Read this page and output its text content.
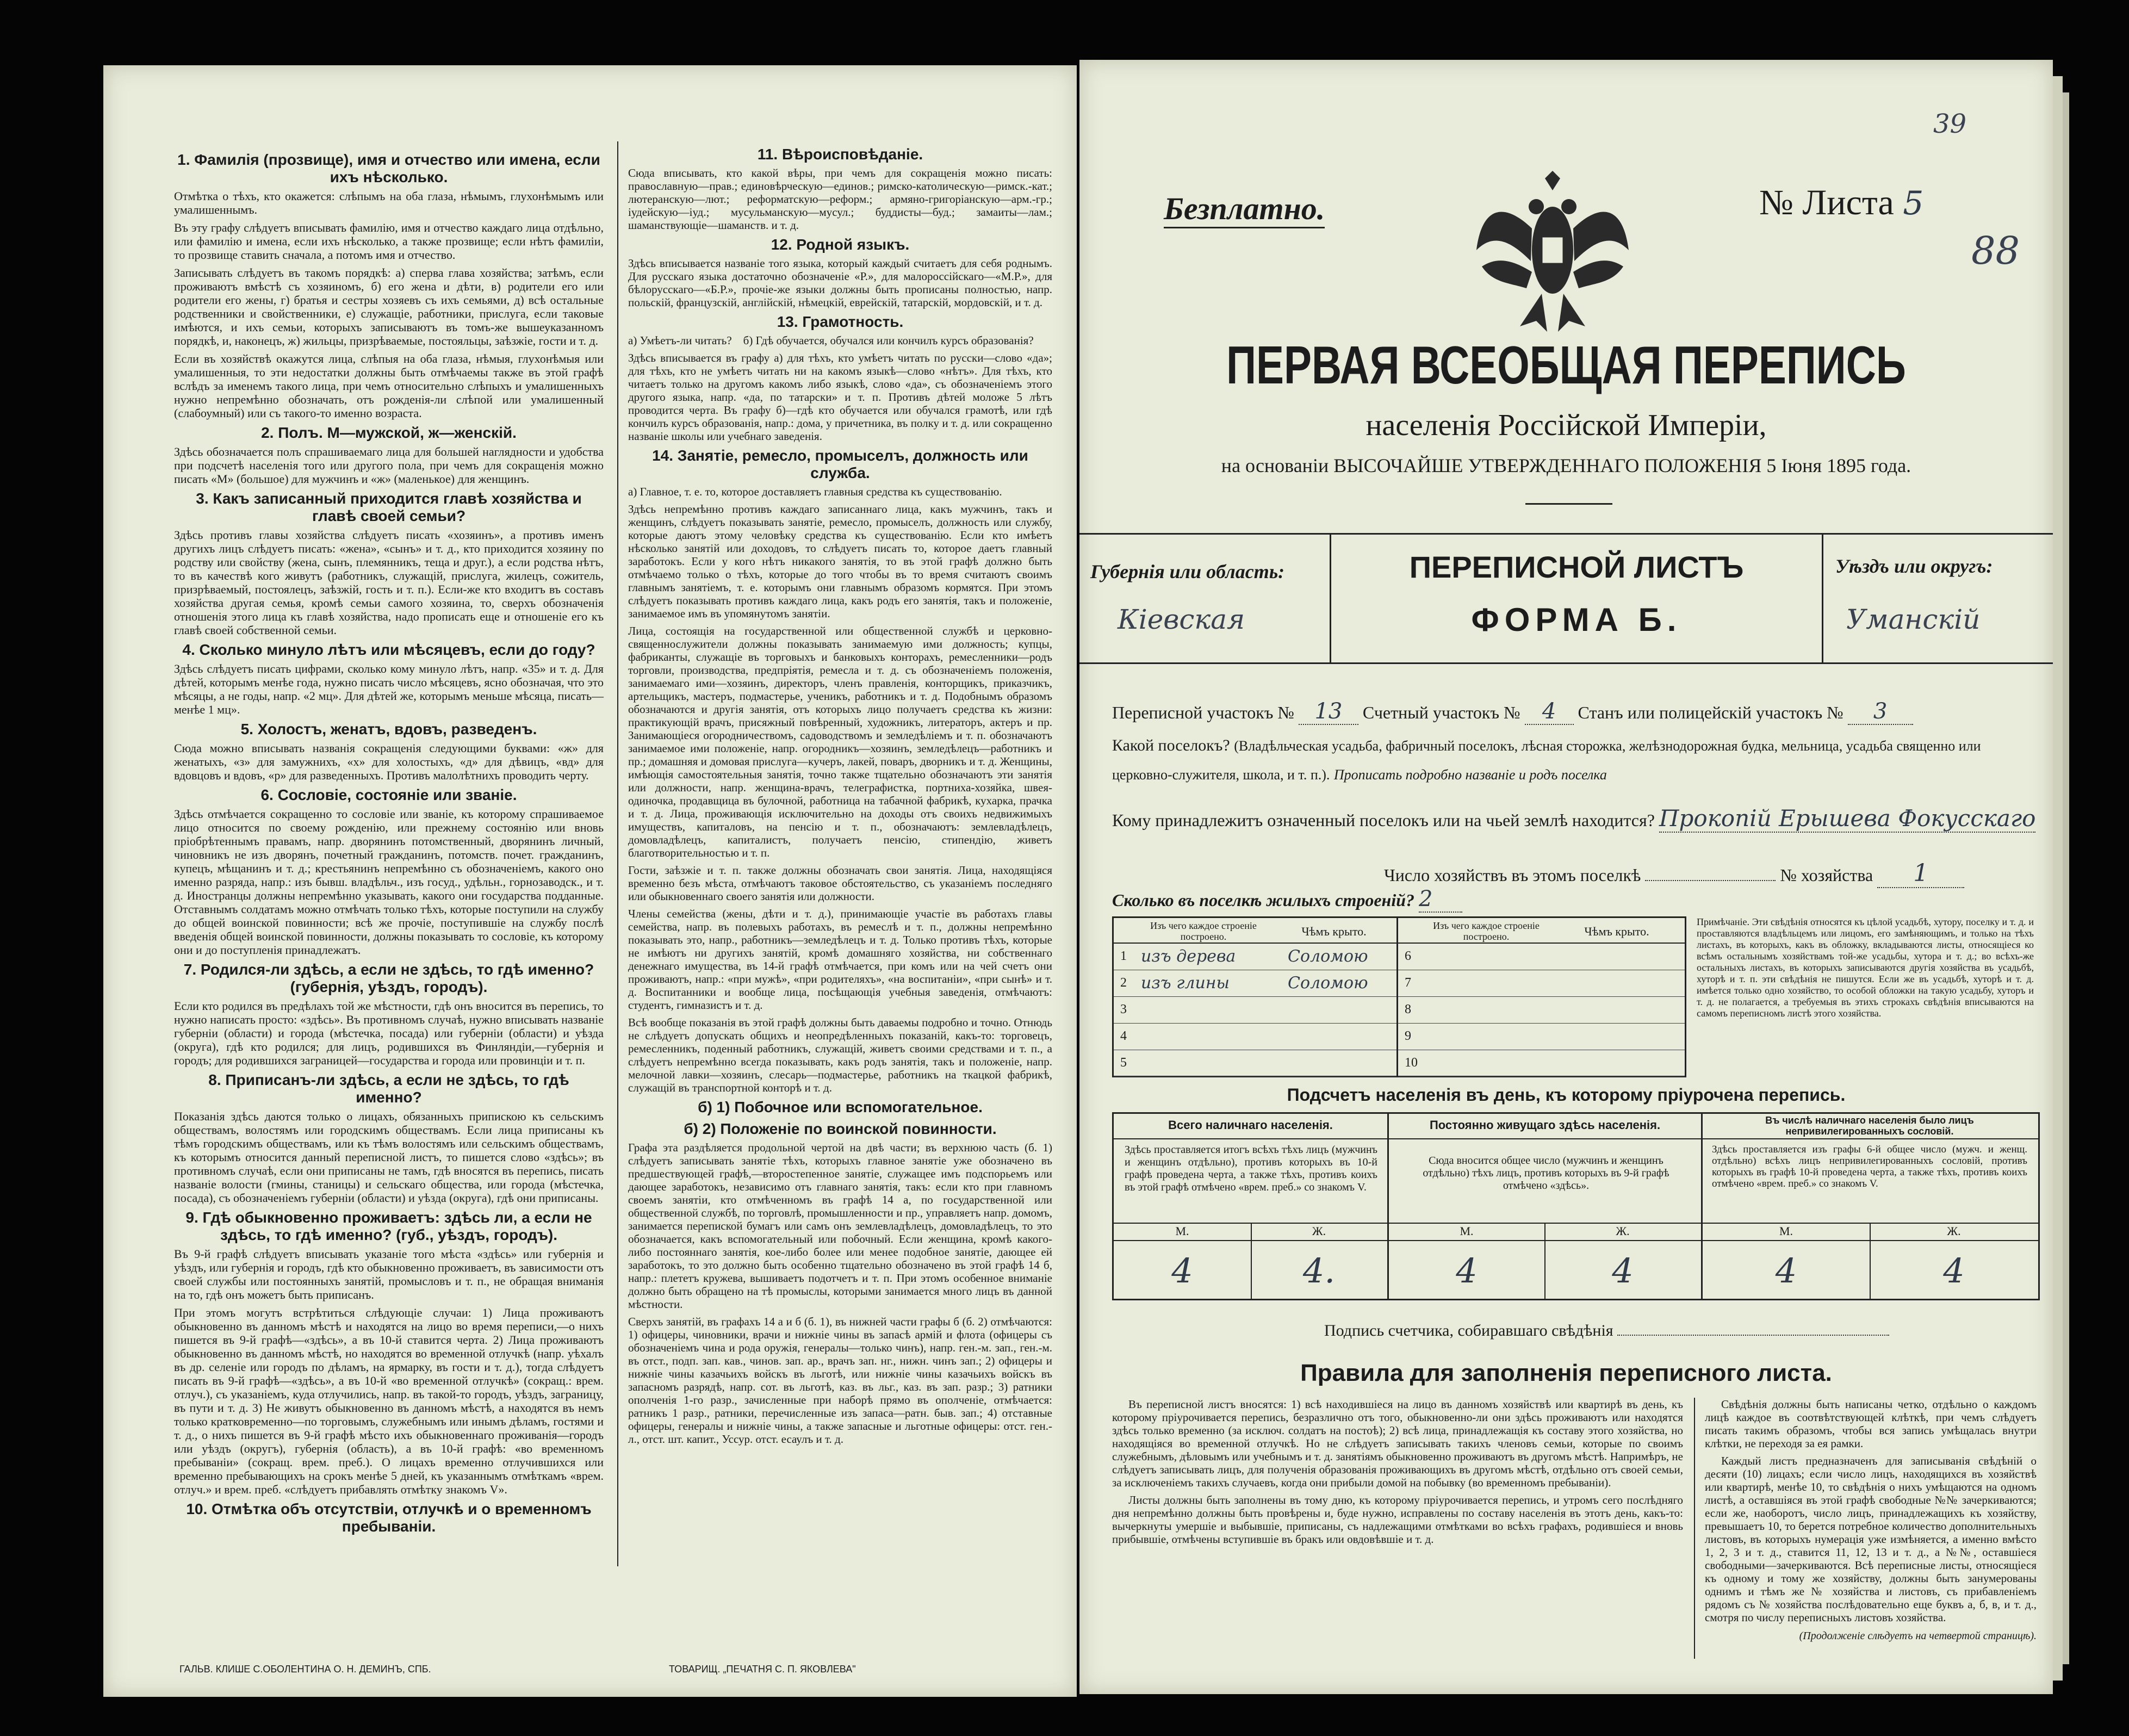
1. Фамилія (прозвище), имя и отчество или имена, если ихъ нѣсколько.
Отмѣтка о тѣхъ, кто окажется: слѣпымъ на оба глаза, нѣмымъ, глухонѣмымъ или умалишеннымъ.
Въ эту графу слѣдуетъ вписывать фамилію, имя и отчество каждаго лица отдѣльно, или фамилію и имена, если ихъ нѣсколько, а также прозвище; если нѣтъ фамиліи, то прозвище ставить сначала, а потомъ имя и отчество.
Записывать слѣдуетъ въ такомъ порядкѣ: а) сперва глава хозяйства; затѣмъ, если проживаютъ вмѣстѣ съ хозяиномъ, б) его жена и дѣти, в) родители его или родители его жены, г) братья и сестры хозяевъ съ ихъ семьями, д) всѣ остальные родственники и свойственники, е) служащіе, работники, прислуга, если таковые имѣются, и ихъ семьи, которыхъ записываютъ въ томъ-же вышеуказанномъ порядкѣ, и, наконецъ, ж) жильцы, призрѣваемые, постояльцы, заѣзжіе, гости и т. д.
Если въ хозяйствѣ окажутся лица, слѣпыя на оба глаза, нѣмыя, глухонѣмыя или умалишенныя, то эти недостатки должны быть отмѣчаемы также въ этой графѣ вслѣдъ за именемъ такого лица, при чемъ относительно слѣпыхъ и умалишенныхъ нужно непремѣнно обозначать, отъ рожденія-ли слѣпой или умалишенный (слабоумный) или съ такого-то именно возраста.
2. Полъ. М—мужской, ж—женскій.
Здѣсь обозначается полъ спрашиваемаго лица для большей наглядности и удобства при подсчетѣ населенія того или другого пола, при чемъ для сокращенія можно писать «М» (большое) для мужчинъ и «ж» (маленькое) для женщинъ.
3. Какъ записанный приходится главѣ хозяйства и главѣ своей семьи?
Здѣсь противъ главы хозяйства слѣдуетъ писать «хозяинъ», а противъ именъ другихъ лицъ слѣдуетъ писать: «жена», «сынъ» и т. д., кто приходится хозяину по родству или свойству (жена, сынъ, племянникъ, теща и друг.), а если родства нѣтъ, то въ качествѣ кого живутъ (работникъ, служащій, прислуга, жилецъ, сожитель, призрѣваемый, постоялецъ, заѣзжій, гость и т. п.). Если-же кто входитъ въ составъ хозяйства другая семья, кромѣ семьи самого хозяина, то, сверхъ обозначенія отношенія этого лица къ главѣ хозяйства, надо прописать еще и отношеніе его къ главѣ своей собственной семьи.
4. Сколько минуло лѣтъ или мѣсяцевъ, если до году?
Здѣсь слѣдуетъ писать цифрами, сколько кому минуло лѣтъ, напр. «35» и т. д. Для дѣтей, которымъ менѣе года, нужно писать число мѣсяцевъ, ясно обозначая, что это мѣсяцы, а не годы, напр. «2 мц». Для дѣтей же, которымъ меньше мѣсяца, писать—менѣе 1 мц».
5. Холостъ, женатъ, вдовъ, разведенъ.
Сюда можно вписывать названія сокращенія следующими буквами: «ж» для женатыхъ, «з» для замужнихъ, «х» для холостыхъ, «д» для дѣвицъ, «вд» для вдовцовъ и вдовъ, «р» для разведенныхъ. Противъ малолѣтнихъ проводить черту.
6. Сословіе, состояніе или званіе.
Здѣсь отмѣчается сокращенно то сословіе или званіе, къ которому спрашиваемое лицо относится по своему рожденію, или прежнему состоянію или вновь пріобрѣтеннымъ правамъ, напр. дворянинъ потомственный, дворянинъ личный, чиновникъ не изъ дворянъ, почетный гражданинъ, потомств. почет. гражданинъ, купецъ, мѣщанинъ и т. д.; крестьянинъ непремѣнно съ обозначеніемъ, какого оно именно разряда, напр.: изъ бывш. владѣльч., изъ госуд., удѣльн., горнозаводск., и т. д. Иностранцы должны непремѣнно указывать, какого они государства подданные. Отставнымъ солдатамъ можно отмѣчать только тѣхъ, которые поступили на службу до общей воинской повинности; всѣ же прочіе, поступившіе на службу послѣ введенія общей воинской повинности, должны показывать то сословіе, къ которому они и до поступленія принадлежатъ.
7. Родился-ли здѣсь, а если не здѣсь, то гдѣ именно? (губернія, уѣздъ, городъ).
Если кто родился въ предѣлахъ той же мѣстности, гдѣ онъ вносится въ перепись, то нужно написать просто: «здѣсь». Въ противномъ случаѣ, нужно вписывать названіе губерніи (области) и города (мѣстечка, посада) или губерніи (области) и уѣзда (округа), гдѣ кто родился; для лицъ, родившихся въ Финляндіи,—губернія и городъ; для родившихся заграницей—государства и города или провинціи и т. п.
8. Приписанъ-ли здѣсь, а если не здѣсь, то гдѣ именно?
Показанія здѣсь даются только о лицахъ, обязанныхъ припискою къ сельскимъ обществамъ, волостямъ или городскимъ обществамъ. Если лица приписаны къ тѣмъ городскимъ обществамъ, или къ тѣмъ волостямъ или сельскимъ обществамъ, къ которымъ относится данный переписной листъ, то пишется слово «здѣсь»; въ противномъ случаѣ, если они приписаны не тамъ, гдѣ вносятся въ перепись, писать названіе волости (гмины, станицы) и сельскаго общества, или города (мѣстечка, посада), съ обозначеніемъ губерніи (области) и уѣзда (округа), гдѣ они приписаны.
9. Гдѣ обыкновенно проживаетъ: здѣсь ли, а если не здѣсь, то гдѣ именно? (губ., уѣздъ, городъ).
Въ 9-й графѣ слѣдуетъ вписывать указаніе того мѣста «здѣсь» или губернія и уѣздъ, или губернія и городъ, гдѣ кто обыкновенно проживаетъ, въ зависимости отъ своей службы или постоянныхъ занятій, промысловъ и т. п., не обращая вниманія на то, гдѣ онъ можетъ быть приписанъ.
При этомъ могутъ встрѣтиться слѣдующіе случаи: 1) Лица проживаютъ обыкновенно въ данномъ мѣстѣ и находятся на лицо во время переписи,—о нихъ пишется въ 9-й графѣ—«здѣсь», а въ 10-й ставится черта. 2) Лица проживаютъ обыкновенно въ данномъ мѣстѣ, но находятся во временной отлучкѣ (напр. уѣхалъ въ др. селеніе или городъ по дѣламъ, на ярмарку, въ гости и т. д.), тогда слѣдуетъ писать въ 9-й графѣ—«здѣсь», а въ 10-й «во временной отлучкѣ» (сокращ.: врем. отлуч.), съ указаніемъ, куда отлучились, напр. въ такой-то городъ, уѣздъ, заграницу, въ пути и т. д. 3) Не живутъ обыкновенно въ данномъ мѣстѣ, а находятся въ немъ только кратковременно—по торговымъ, служебнымъ или инымъ дѣламъ, гостями и т. д., о нихъ пишется въ 9-й графѣ мѣсто ихъ обыкновеннаго проживанія—городъ или уѣздъ (округъ), губернія (область), а въ 10-й графѣ: «во временномъ пребываніи» (сокращ. врем. преб.). О лицахъ временно отлучившихся или временно пребывающихъ на срокъ менѣе 5 дней, къ указаннымъ отмѣткамъ «врем. отлуч.» и врем. преб. «слѣдуетъ прибавлять отмѣтку знакомъ V».
10. Отмѣтка объ отсутствіи, отлучкѣ и о временномъ пребываніи.
11. Вѣроисповѣданіе.
Сюда вписывать, кто какой вѣры, при чемъ для сокращенія можно писать: православную—прав.; единовѣрческую—единов.; римско-католическую—римск.-кат.; лютеранскую—лют.; реформатскую—реформ.; армяно-григоріанскую—арм.-гр.; іудейскую—іуд.; мусульманскую—мусул.; буддисты—буд.; замаиты—лам.; шаманствующіе—шаманств. и т. д.
12. Родной языкъ.
Здѣсь вписывается названіе того языка, который каждый считаетъ для себя роднымъ. Для русскаго языка достаточно обозначеніе «Р.», для малороссійскаго—«М.Р.», для бѣлорусскаго—«Б.Р.», прочіе-же языки должны быть прописаны полностью, напр. польскій, французскій, англійскій, нѣмецкій, еврейскій, татарскій, мордовскій, и т. д.
13. Грамотность.
а) Умѣетъ-ли читать?    б) Гдѣ обучается, обучался или кончилъ курсъ образованія?
Здѣсь вписывается въ графу а) для тѣхъ, кто умѣетъ читать по русски—слово «да»; для тѣхъ, кто не умѣетъ читать ни на какомъ языкѣ—слово «нѣтъ». Для тѣхъ, кто читаетъ только на другомъ какомъ либо языкѣ, слово «да», съ обозначеніемъ этого другого языка, напр. «да, по татарски» и т. п. Противъ дѣтей моложе 5 лѣтъ проводится черта. Въ графу б)—гдѣ кто обучается или обучался грамотѣ, или гдѣ кончилъ курсъ образованія, напр.: дома, у причетника, въ полку и т. д. или сокращенно названіе школы или учебнаго заведенія.
14. Занятіе, ремесло, промыселъ, должность или служба.
а) Главное, т. е. то, которое доставляетъ главныя средства къ существованію.
Здѣсь непремѣнно противъ каждаго записаннаго лица, какъ мужчинъ, такъ и женщинъ, слѣдуетъ показывать занятіе, ремесло, промыселъ, должность или службу, которые даютъ этому человѣку средства къ существованію. Если кто имѣетъ нѣсколько занятій или доходовъ, то слѣдуетъ писать то, которое даетъ главный заработокъ. Если у кого нѣтъ никакого занятія, то въ этой графѣ должно быть отмѣчаемо только о тѣхъ, которые до того чтобы въ то время считаютъ своимъ главнымъ занятіемъ, т. е. которымъ они главнымъ образомъ кормятся. При этомъ слѣдуетъ показывать противъ каждаго лица, какъ родъ его занятія, такъ и положеніе, занимаемое имъ въ упомянутомъ занятіи.
Лица, состоящія на государственной или общественной службѣ и церковно-священнослужители должны показывать занимаемую ими должность; купцы, фабриканты, служащіе въ торговыхъ и банковыхъ конторахъ, ремесленники—родъ торговли, производства, предпріятія, ремесла и т. д. съ обозначеніемъ положенія, занимаемаго ими—хозяинъ, директоръ, членъ правленія, конторщикъ, приказчикъ, артельщикъ, мастеръ, подмастерье, ученикъ, работникъ и т. д. Подобнымъ образомъ обозначаются и другія занятія, отъ которыхъ лицо получаетъ средства къ жизни: практикующій врачъ, присяжный повѣренный, художникъ, литераторъ, актеръ и пр. Занимающіеся огородничествомъ, садоводствомъ и земледѣліемъ и т. п. обозначаютъ занимаемое ими положеніе, напр. огородникъ—хозяинъ, земледѣлецъ—работникъ и пр.; домашняя и домовая прислуга—кучеръ, лакей, поваръ, дворникъ и т. д. Женщины, имѣющія самостоятельныя занятія, точно также тщательно обозначаютъ эти занятія или должности, напр. женщина-врачъ, телеграфистка, портниха-хозяйка, швея-одиночка, продавщица въ булочной, работница на табачной фабрикѣ, кухарка, прачка и т. д. Лица, проживающія исключительно на доходы отъ своихъ недвижимыхъ имуществъ, капиталовъ, на пенсію и т. п., обозначаютъ: землевладѣлецъ, домовладѣлецъ, капиталистъ, получаетъ пенсію, стипендію, живетъ благотворительностью и т. п.
Гости, заѣзжіе и т. п. также должны обозначать свои занятія. Лица, находящіяся временно безъ мѣста, отмѣчаютъ таковое обстоятельство, съ указаніемъ последняго или обыкновеннаго своего занятія или должности.
Члены семейства (жены, дѣти и т. д.), принимающіе участіе въ работахъ главы семейства, напр. въ полевыхъ работахъ, въ ремеслѣ и т. п., должны непремѣнно показывать это, напр., работникъ—земледѣлецъ и т. д. Только противъ тѣхъ, которые не имѣютъ ни другихъ занятій, кромѣ домашняго хозяйства, ни собственнаго денежнаго имущества, въ 14-й графѣ отмѣчается, при комъ или на чей счетъ они проживаютъ, напр.: «при мужѣ», «при родителяхъ», «на воспитаніи», «при сынѣ» и т. д. Воспитанники и вообще лица, посѣщающія учебныя заведенія, отмѣчаютъ: студентъ, гимназистъ и т. д.
Всѣ вообще показанія въ этой графѣ должны быть даваемы подробно и точно. Отнюдь не слѣдуетъ допускать общихъ и неопредѣленныхъ показаній, какъ-то: торговецъ, ремесленникъ, поденный работникъ, служащій, живетъ своими средствами и т. п., а слѣдуетъ непремѣнно всегда показывать, какъ родъ занятія, такъ и положеніе, напр. мелочной лавки—хозяинъ, слесарь—подмастерье, работникъ на ткацкой фабрикѣ, служащій въ транспортной конторѣ и т. д.
б) 1) Побочное или вспомогательное.
б) 2) Положеніе по воинской повинности.
Графа эта раздѣляется продольной чертой на двѣ части; въ верхнюю часть (б. 1) слѣдуетъ записывать занятіе тѣхъ, которыхъ главное занятіе уже обозначено въ предшествующей графѣ,—второстепенное занятіе, служащее имъ подспорьемъ или дающее заработокъ, независимо отъ главнаго занятія, такъ: если кто при главномъ своемъ занятіи, кто отмѣченномъ въ графѣ 14 а, по государственной или общественной службѣ, по торговлѣ, промышленности и пр., управляетъ напр. домомъ, занимается перепиской бумагъ или самъ онъ землевладѣлецъ, домовладѣлецъ, то это обозначается, какъ вспомогательный или побочный. Если женщина, кромѣ какого-либо постояннаго занятія, кое-либо более или менее подобное занятіе, дающее ей заработокъ, то это должно быть особенно тщательно обозначено въ этой графѣ 14 б, напр.: плететъ кружева, вышиваетъ подотчетъ и т. п. При этомъ особенное вниманіе должно быть обращено на тѣ промыслы, которыми занимается много лицъ въ данной мѣстности.
Сверхъ занятій, въ графахъ 14 а и б (б. 1), въ нижней части графы б (б. 2) отмѣчаются: 1) офицеры, чиновники, врачи и нижніе чины въ запасѣ армій и флота (офицеры съ обозначеніемъ чина и рода оружія, генералы—только чинъ), напр. ген.-м. зап., ген.-м. въ отст., подп. зап. кав., чинов. зап. ар., врачъ зап. нг., нижн. чинъ зап.; 2) офицеры и нижніе чины казачьихъ войскъ въ льготѣ, или нижніе чины казачьихъ войскъ въ запасномъ разрядѣ, напр. сот. въ льготѣ, каз. въ льг., каз. въ зап. разр.; 3) ратники ополченія 1-го разр., зачисленные при наборѣ прямо въ ополченіе, отмѣчается: ратникъ 1 разр., ратники, перечисленные изъ запаса—ратн. быв. зап.; 4) отставные офицеры, генералы и нижніе чины, а также запасные и льготные офицеры: отст. ген.-л., отст. шт. капит., Уссур. отст. есаулъ и т. д.
ГАЛЬВ. КЛИШЕ С.ОБОЛЕНТИНА О. Н. ДЕМИНЪ, СПБ.	ТОВАРИЩ. „ПЕЧАТНЯ С. П. ЯКОВЛЕВА"
39
Безплатно.	№ Листа 5
88
ПЕРВАЯ ВСЕОБЩАЯ ПЕРЕПИСЬ
населенія Россійской Имперіи,
на основаніи ВЫСОЧАЙШЕ УТВЕРЖДЕННАГО ПОЛОЖЕНІЯ 5 Іюня 1895 года.
Губернія или область:
Кіевская
ПЕРЕПИСНОЙ ЛИСТЪ
ФОРМА Б.
Уѣздъ или округъ:
Уманскій
Переписной участокъ № 13 Счетный участокъ № 4 Станъ или полицейскій участокъ № 3
Какой поселокъ? (Владѣльческая усадьба, фабричный поселокъ, лѣсная сторожка, желѣзнодорожная будка, мельница, усадьба священно или церковно-служителя, школа, и т. п.). Прописать подробно названіе и родъ поселка
Кому принадлежитъ означенный поселокъ или на чьей землѣ находится? Прокопій Ерышева Фокусскаго
Число хозяйствъ въ этомъ поселкѣ	№ хозяйства 1
Сколько въ поселкѣ жилыхъ строеній? 2
Изъ чего каждое строеніе построено.	Чѣмъ крыто.	Изъ чего каждое строеніе построено.	Чѣмъ крыто.
1 изъ дерева	Соломою
2 изъ глины	Соломою
3
4
5
6
7
8
9
10
Примѣчаніе. Эти свѣдѣнія относятся къ цѣлой усадьбѣ, хутору, поселку и т. д. и проставляются владѣльцемъ или лицомъ, его замѣняющимъ, и только на тѣхъ листахъ, въ которыхъ, какъ въ обложку, вкладываются листы, относящіеся ко всѣмъ остальнымъ хозяйствамъ той-же усадьбы, хутора и т. д.; во всѣхъ-же остальныхъ листахъ, въ которыхъ записываются другія хозяйства въ усадьбѣ, хуторѣ и т. п. эти свѣдѣнія не пишутся. Если же въ усадьбѣ, хуторѣ и т. д. имѣется только одно хозяйство, то особой обложки на такую усадьбу, хуторъ и т. д. не полагается, а требуемыя въ этихъ строкахъ свѣдѣнія вписываются на самомъ переписномъ листѣ этого хозяйства.
Подсчетъ населенія въ день, къ которому пріурочена перепись.
Всего наличнаго населенія.	Постоянно живущаго здѣсь населенія.	Въ числѣ наличнаго населенія было лицъ непривилегированныхъ сословій.
Здѣсь проставляется итогъ всѣхъ тѣхъ лицъ (мужчинъ и женщинъ отдѣльно), противъ которыхъ въ 10-й графѣ проведена черта, а также тѣхъ, противъ коихъ въ этой графѣ отмѣчено «врем. преб.» со знакомъ V.
Сюда вносится общее число (мужчинъ и женщинъ отдѣльно) тѣхъ лицъ, противъ которыхъ въ 9-й графѣ отмѣчено «здѣсь».
Здѣсь проставляется изъ графы 6-й общее число (мужч. и женщ. отдѣльно) всѣхъ лицъ непривилегированныхъ сословій, противъ которыхъ въ графѣ 10-й проведена черта, а также тѣхъ, противъ коихъ отмѣчено «врем. преб.» со знакомъ V.
М.	Ж.	М.	Ж.	М.	Ж.
4	4.	4	4	4	4
Подпись счетчика, собиравшаго свѣдѣнія
Правила для заполненія переписного листа.
Въ переписной листъ вносятся: 1) всѣ находившіеся на лицо въ данномъ хозяйствѣ или квартирѣ въ день, къ которому пріурочивается перепись, безразлично отъ того, обыкновенно-ли они здѣсь проживаютъ или находятся здѣсь только временно (за исключ. солдатъ на постоѣ); 2) всѣ лица, принадлежащія къ составу этого хозяйства, но находящіяся во временной отлучкѣ. Но не слѣдуетъ записывать такихъ членовъ семьи, которые по своимъ служебнымъ, дѣловымъ или учебнымъ и т. д. занятіямъ обыкновенно проживаютъ въ другомъ мѣстѣ. Напримѣръ, не слѣдуетъ записывать лицъ, для полученія образованія проживающихъ въ другомъ мѣстѣ, отдѣльно отъ своей семьи, за исключеніемъ такихъ случаевъ, когда они прибыли домой на побывку (во временномъ пребываніи).
Листы должны быть заполнены въ тому дню, къ которому пріурочивается перепись, и утромъ сего послѣдняго дня непремѣнно должны быть провѣрены и, буде нужно, исправлены по составу населенія въ этотъ день, какъ-то: вычеркнуты умершіе и выбывшіе, приписаны, съ надлежащими отмѣтками во всѣхъ графахъ, родившіеся и вновь прибывшіе, отмѣчены вступившіе въ бракъ или овдовѣвшіе и т. д.
Свѣдѣнія должны быть написаны четко, отдѣльно о каждомъ лицѣ каждое въ соотвѣтствующей клѣткѣ, при чемъ слѣдуетъ писать такимъ образомъ, чтобы вся запись умѣщалась внутри клѣтки, не переходя за ея рамки.
Каждый листъ предназначенъ для записыванія свѣдѣній о десяти (10) лицахъ; если число лицъ, находящихся въ хозяйствѣ или квартирѣ, менѣе 10, то свѣдѣнія о нихъ умѣщаются на одномъ листѣ, а оставшіяся въ этой графѣ свободные №№ зачеркиваются; если же, наоборотъ, число лицъ, принадлежащихъ къ хозяйству, превышаетъ 10, то берется потребное количество дополнительныхъ листовъ, въ которыхъ нумерація уже измѣняется, а именно вмѣсто 1, 2, 3 и т. д., ставится 11, 12, 13 и т. д., а №№, оставшіеся свободными—зачеркиваются. Всѣ переписные листы, относящіеся къ одному и тому же хозяйству, должны быть занумерованы однимъ и тѣмъ же № хозяйства и листовъ, съ прибавленіемъ рядомъ съ № хозяйства послѣдовательно еще буквъ а, б, в, и т. д., смотря по числу переписныхъ листовъ хозяйства.
(Продолженіе слѣдуетъ на четвертой страницѣ).
